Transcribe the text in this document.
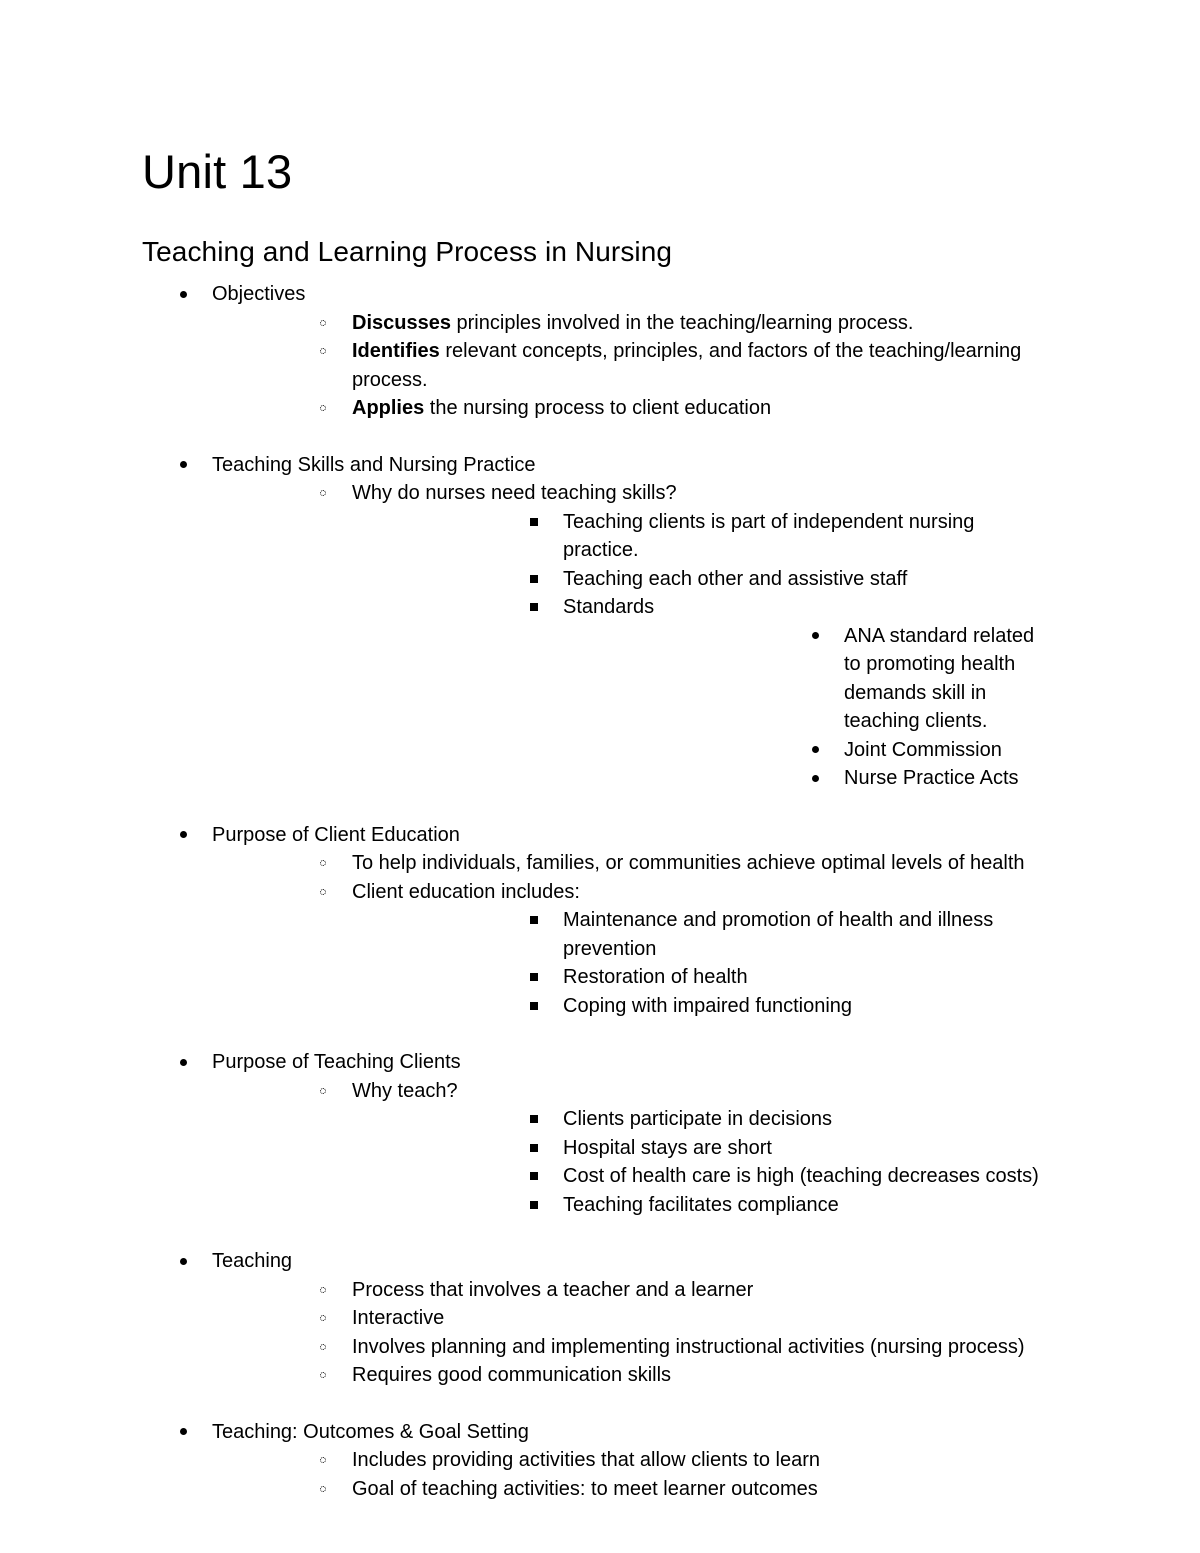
Unit 13
Teaching and Learning Process in Nursing
Objectives
Discusses principles involved in the teaching/learning process.
Identifies relevant concepts, principles, and factors of the teaching/learning process.
Applies the nursing process to client education
Teaching Skills and Nursing Practice
Why do nurses need teaching skills?
Teaching clients is part of independent nursing practice.
Teaching each other and assistive staff
Standards
ANA standard related to promoting health demands skill in teaching clients.
Joint Commission
Nurse Practice Acts
Purpose of Client Education
To help individuals, families, or communities achieve optimal levels of health
Client education includes:
Maintenance and promotion of health and illness prevention
Restoration of health
Coping with impaired functioning
Purpose of Teaching Clients
Why teach?
Clients participate in decisions
Hospital stays are short
Cost of health care is high (teaching decreases costs)
Teaching facilitates compliance
Teaching
Process that involves a teacher and a learner
Interactive
Involves planning and implementing instructional activities (nursing process)
Requires good communication skills
Teaching: Outcomes & Goal Setting
Includes providing activities that allow clients to learn
Goal of teaching activities: to meet learner outcomes
